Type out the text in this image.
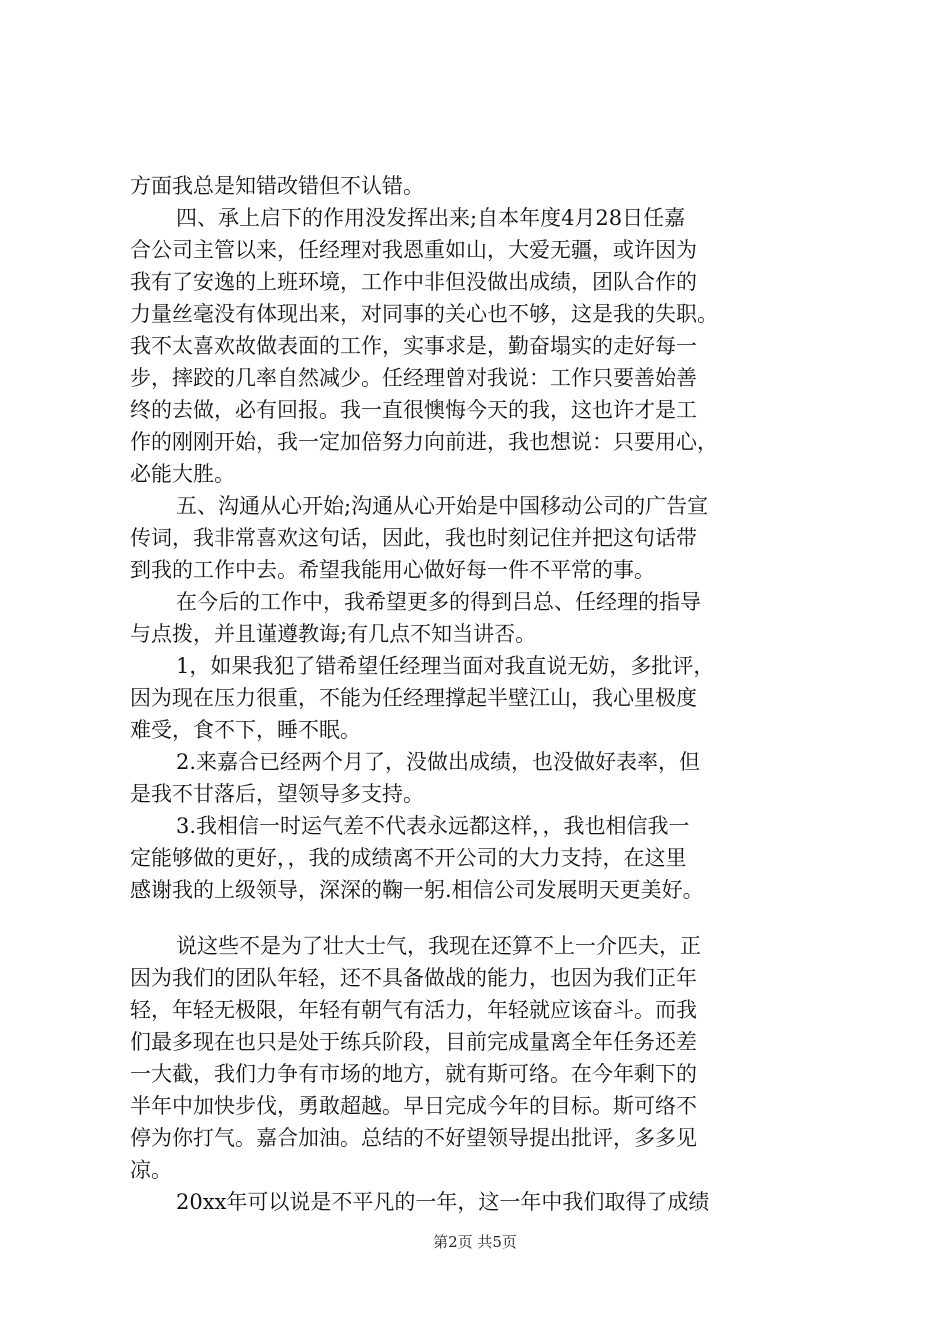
方面我总是知错改错但不认错。
四、承上启下的作用没发挥出来;自本年度4月28日任嘉
合公司主管以来，任经理对我恩重如山，大爱无疆，或许因为
我有了安逸的上班环境，工作中非但没做出成绩，团队合作的
力量丝毫没有体现出来，对同事的关心也不够，这是我的失职。
我不太喜欢故做表面的工作，实事求是，勤奋塌实的走好每一
步，摔跤的几率自然减少。任经理曾对我说：工作只要善始善
终的去做，必有回报。我一直很懊悔今天的我，这也许才是工
作的刚刚开始，我一定加倍努力向前进，我也想说：只要用心，
必能大胜。
五、沟通从心开始;沟通从心开始是中国移动公司的广告宣
传词，我非常喜欢这句话，因此，我也时刻记住并把这句话带
到我的工作中去。希望我能用心做好每一件不平常的事。
在今后的工作中，我希望更多的得到吕总、任经理的指导
与点拨，并且谨遵教诲;有几点不知当讲否。
1，如果我犯了错希望任经理当面对我直说无妨，多批评，
因为现在压力很重，不能为任经理撑起半壁江山，我心里极度
难受，食不下，睡不眠。
2.来嘉合已经两个月了，没做出成绩，也没做好表率，但
是我不甘落后，望领导多支持。
3.我相信一时运气差不代表永远都这样，，我也相信我一
定能够做的更好，，我的成绩离不开公司的大力支持，在这里
感谢我的上级领导，深深的鞠一躬.相信公司发展明天更美好。
说这些不是为了壮大士气，我现在还算不上一介匹夫，正
因为我们的团队年轻，还不具备做战的能力，也因为我们正年
轻，年轻无极限，年轻有朝气有活力，年轻就应该奋斗。而我
们最多现在也只是处于练兵阶段，目前完成量离全年任务还差
一大截，我们力争有市场的地方，就有斯可络。在今年剩下的
半年中加快步伐，勇敢超越。早日完成今年的目标。斯可络不
停为你打气。嘉合加油。总结的不好望领导提出批评，多多见
凉。
20xx年可以说是不平凡的一年，这一年中我们取得了成绩
第2页 共5页
